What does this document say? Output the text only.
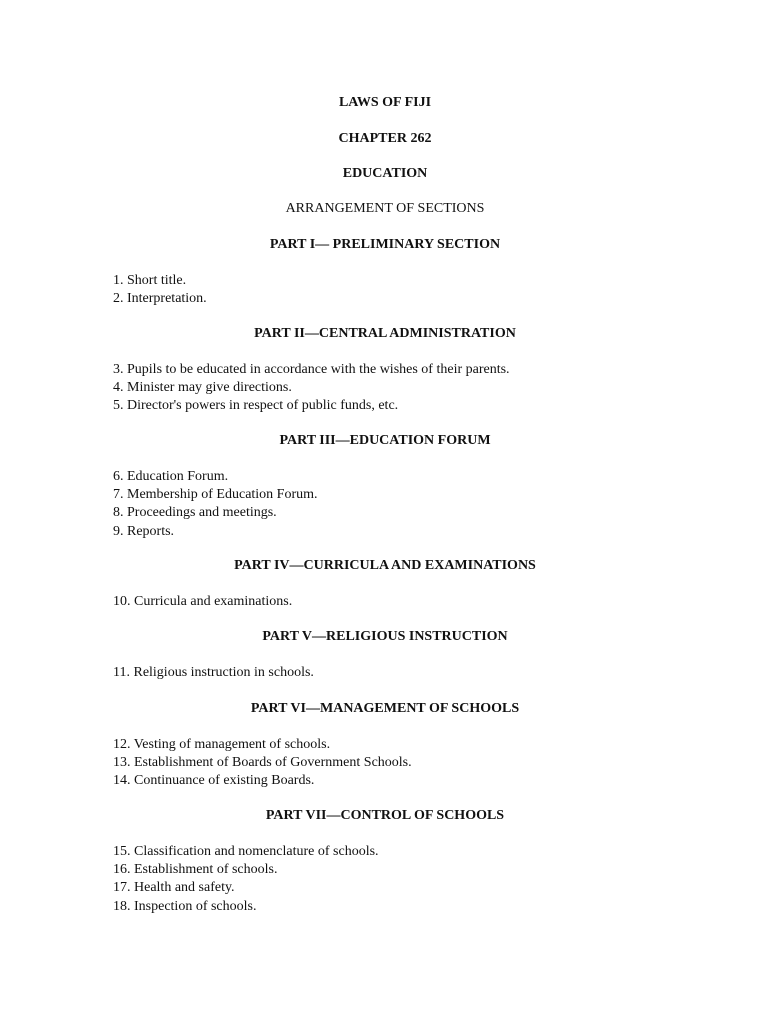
LAWS OF FIJI
CHAPTER 262
EDUCATION
ARRANGEMENT OF SECTIONS
PART I— PRELIMINARY SECTION
1. Short title.
2. Interpretation.
PART II—CENTRAL ADMINISTRATION
3. Pupils to be educated in accordance with the wishes of their parents.
4. Minister may give directions.
5. Director's powers in respect of public funds, etc.
PART III—EDUCATION FORUM
6. Education Forum.
7. Membership of Education Forum.
8. Proceedings and meetings.
9. Reports.
PART IV—CURRICULA AND EXAMINATIONS
10. Curricula and examinations.
PART V—RELIGIOUS INSTRUCTION
11. Religious instruction in schools.
PART VI—MANAGEMENT OF SCHOOLS
12. Vesting of management of schools.
13. Establishment of Boards of Government Schools.
14. Continuance of existing Boards.
PART VII—CONTROL OF SCHOOLS
15. Classification and nomenclature of schools.
16. Establishment of schools.
17. Health and safety.
18. Inspection of schools.
